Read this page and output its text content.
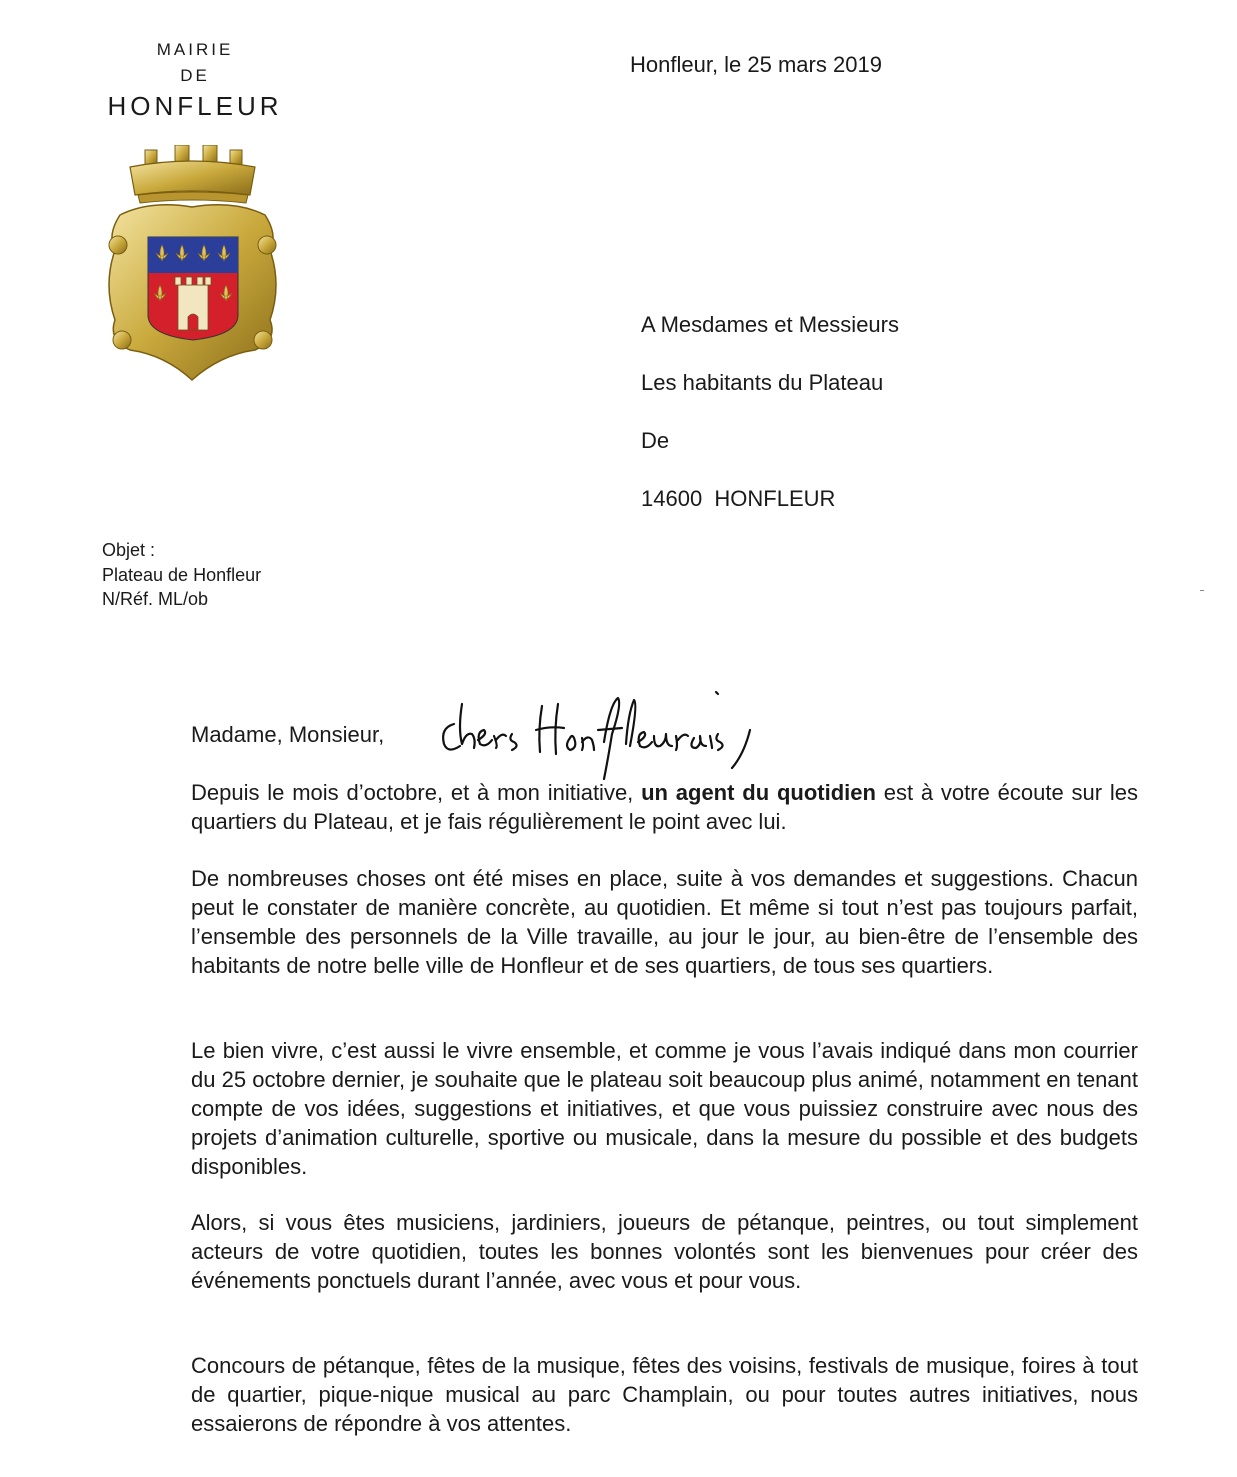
MAIRIE
DE
HONFLEUR
Honfleur, le 25 mars 2019
A Mesdames et Messieurs
Les habitants du Plateau
De
14600  HONFLEUR
Objet :
Plateau de Honfleur
N/Réf. ML/ob
Madame, Monsieur,
Depuis le mois d’octobre, et à mon initiative, un agent du quotidien est à votre écoute sur les quartiers du Plateau, et je fais régulièrement le point avec lui.
De nombreuses choses ont été mises en place, suite à vos demandes et suggestions. Chacun peut le constater de manière concrète, au quotidien. Et même si tout n’est pas toujours parfait, l’ensemble des personnels de la Ville travaille, au jour le jour, au bien-être de l’ensemble des habitants de notre belle ville de Honfleur et de ses quartiers, de tous ses quartiers.
Le bien vivre, c’est aussi le vivre ensemble, et comme je vous l’avais indiqué dans mon courrier du 25 octobre dernier, je souhaite que le plateau soit beaucoup plus animé, notamment en tenant compte de vos idées, suggestions et initiatives, et que vous puissiez construire avec nous des projets d’animation culturelle, sportive ou musicale, dans la mesure du possible et des budgets disponibles.
Alors, si vous êtes musiciens, jardiniers, joueurs de pétanque, peintres, ou tout simplement acteurs de votre quotidien, toutes les bonnes volontés sont les bienvenues pour créer des événements ponctuels durant l’année, avec vous et pour vous.
Concours de pétanque, fêtes de la musique, fêtes des voisins, festivals de musique, foires à tout de quartier, pique-nique musical au parc Champlain, ou pour toutes autres initiatives, nous essaierons de répondre à vos attentes.
